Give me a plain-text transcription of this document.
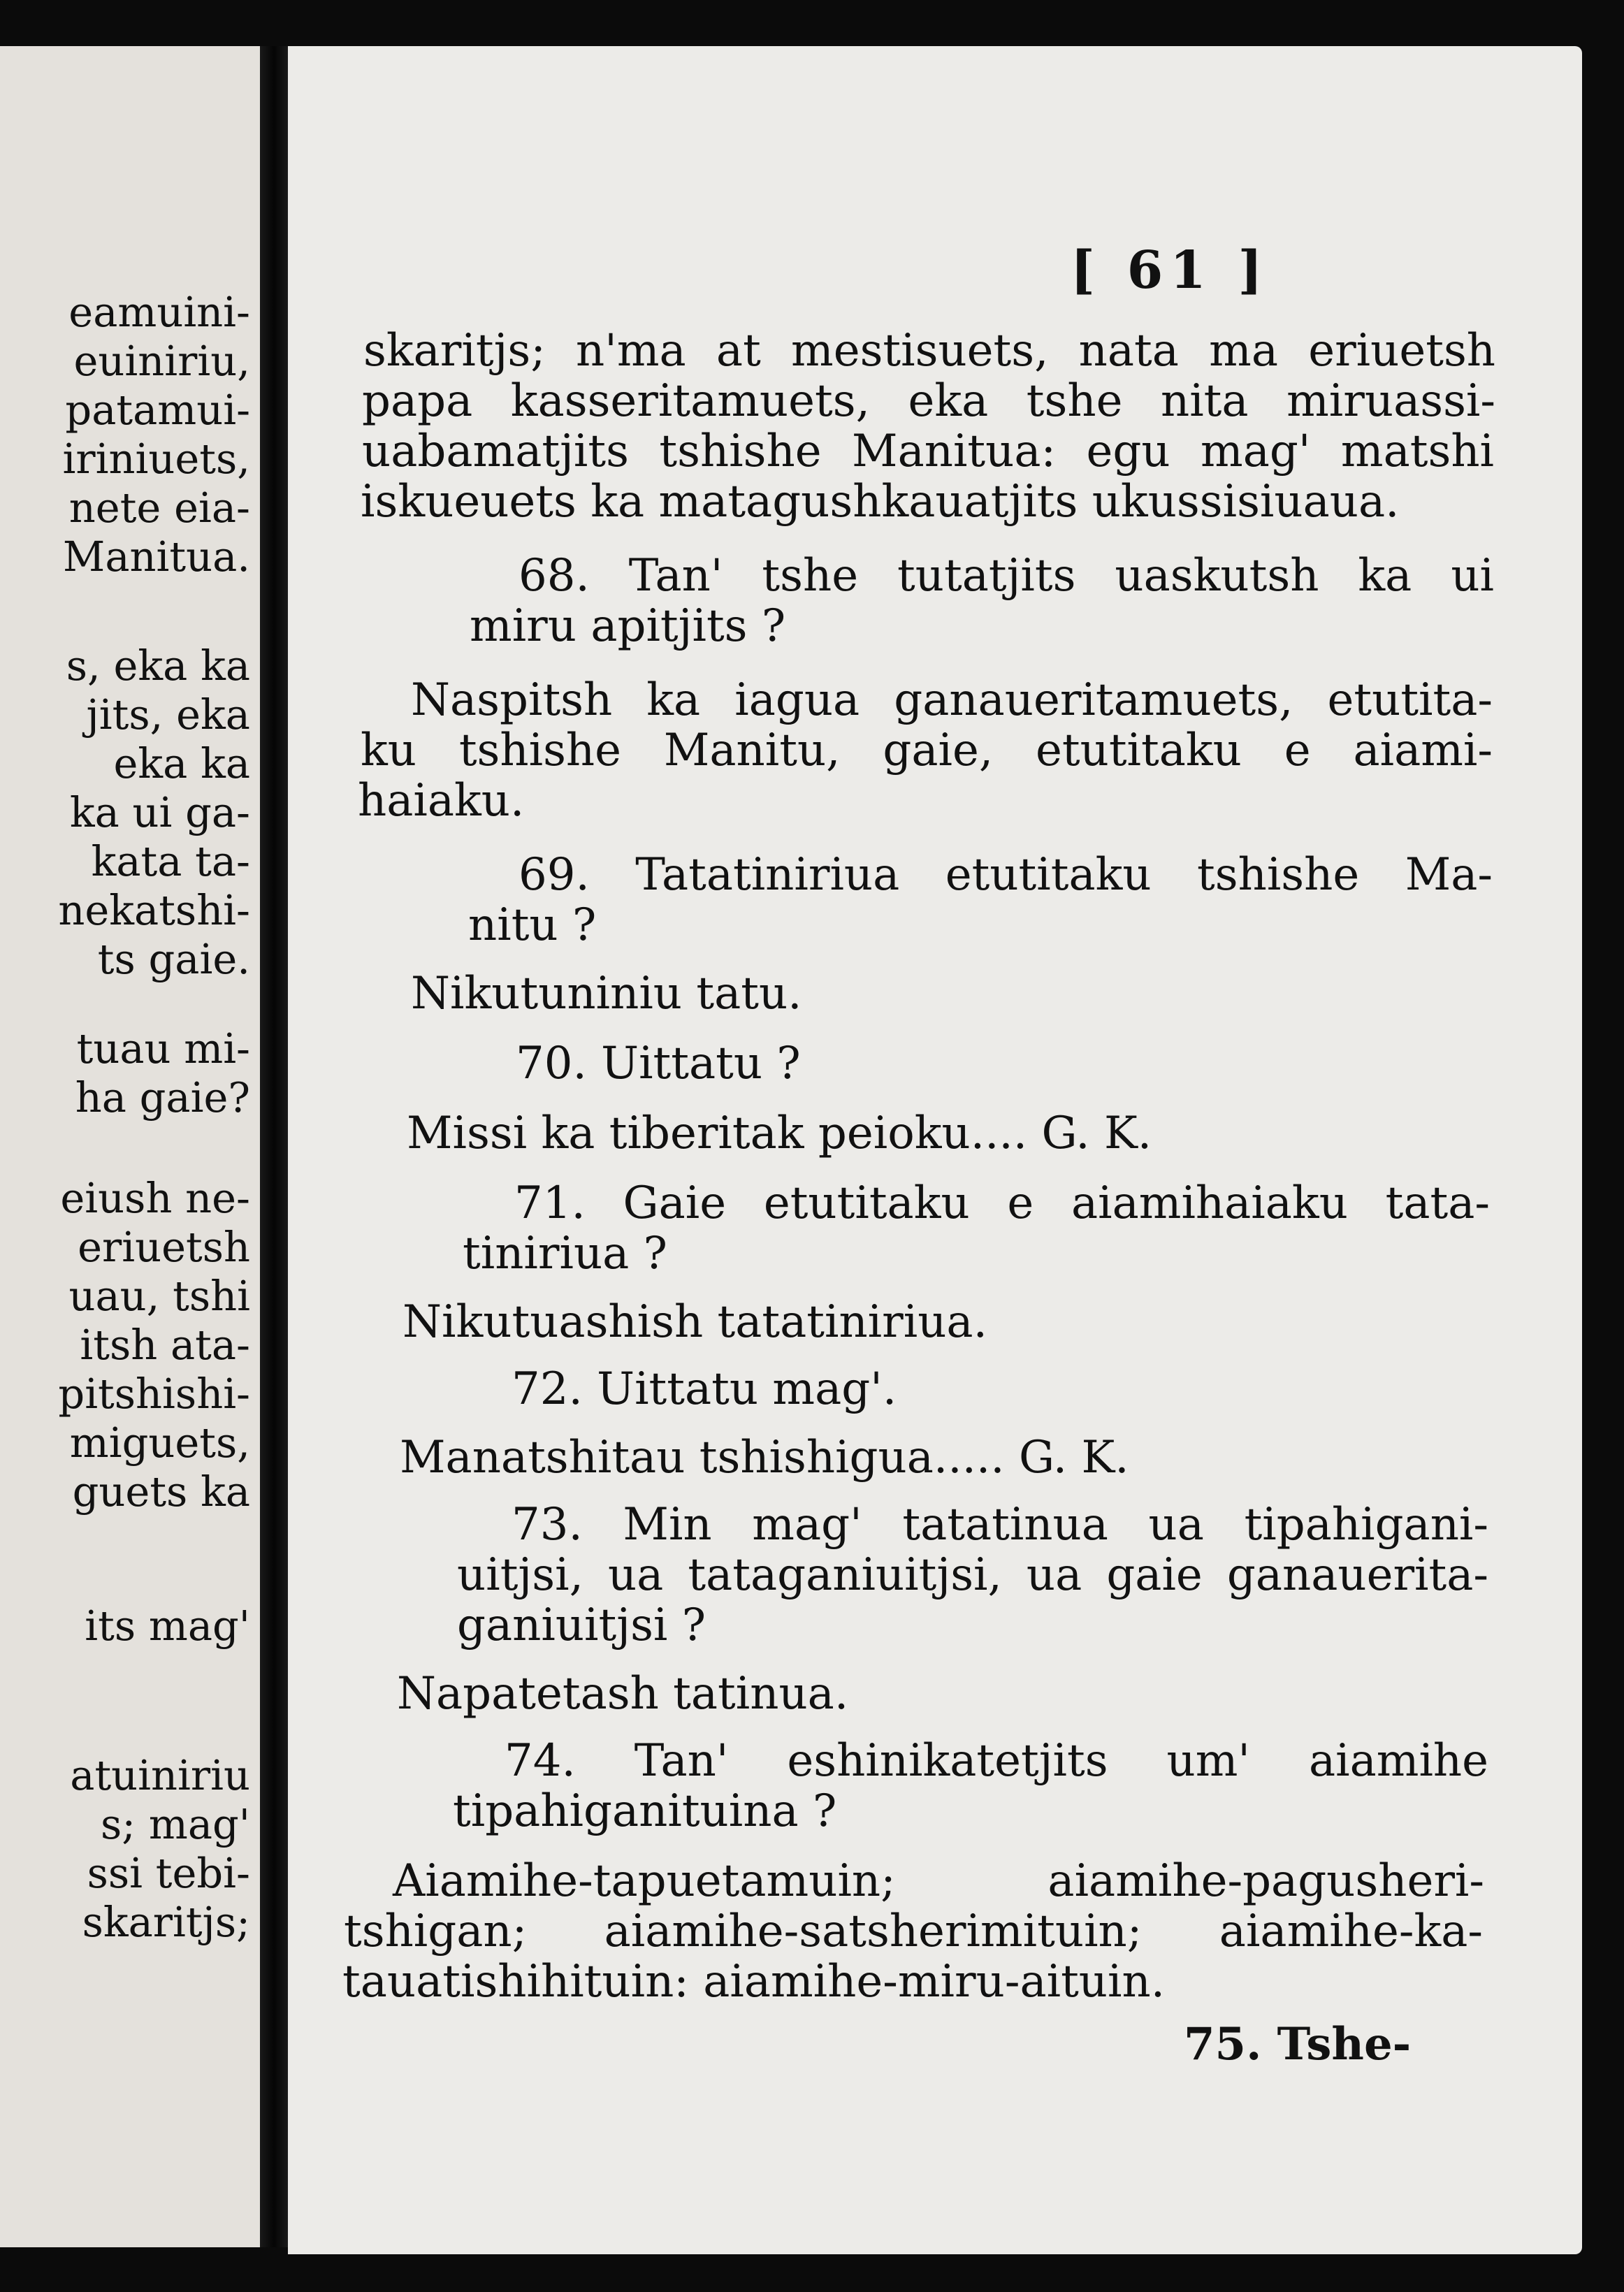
eamuini-
euiniriu,
patamui-
iriniuets,
nete eia-
Manitua.
s, eka ka
jits, eka
eka ka
ka ui ga-
kata ta-
nekatshi-
ts gaie.
tuau mi-
ha gaie?
eiush ne-
eriuetsh
uau, tshi
itsh ata-
pitshishi-
miguets,
guets ka
its mag'
atuiniriu
s; mag'
ssi tebi-
skaritjs;
[ 61 ]
skaritjs; n'ma at mestisuets, nata ma eriuetsh
papa kasseritamuets, eka tshe nita miruassi-
uabamatjits tshishe Manitua: egu mag' matshi
iskueuets ka matagushkauatjits ukussisiuaua.
68. Tan' tshe tutatjits uaskutsh ka ui
miru apitjits ?
Naspitsh ka iagua ganaueritamuets, etutita-
ku tshishe Manitu, gaie, etutitaku e aiami-
haiaku.
69. Tatatiniriua etutitaku tshishe Ma-
nitu ?
Nikutuniniu tatu.
70. Uittatu ?
Missi ka tiberitak peioku.... G. K.
71. Gaie etutitaku e aiamihaiaku tata-
tiniriua ?
Nikutuashish tatatiniriua.
72. Uittatu mag'.
Manatshitau tshishigua..... G. K.
73. Min mag' tatatinua ua tipahigani-
uitjsi, ua tataganiuitjsi, ua gaie ganauerita-
ganiuitjsi ?
Napatetash tatinua.
74. Tan' eshinikatetjits um' aiamihe
tipahiganituina ?
Aiamihe-tapuetamuin; aiamihe-pagusheri-
tshigan; aiamihe-satsherimituin; aiamihe-ka-
tauatishihituin: aiamihe-miru-aituin.
75. Tshe-
